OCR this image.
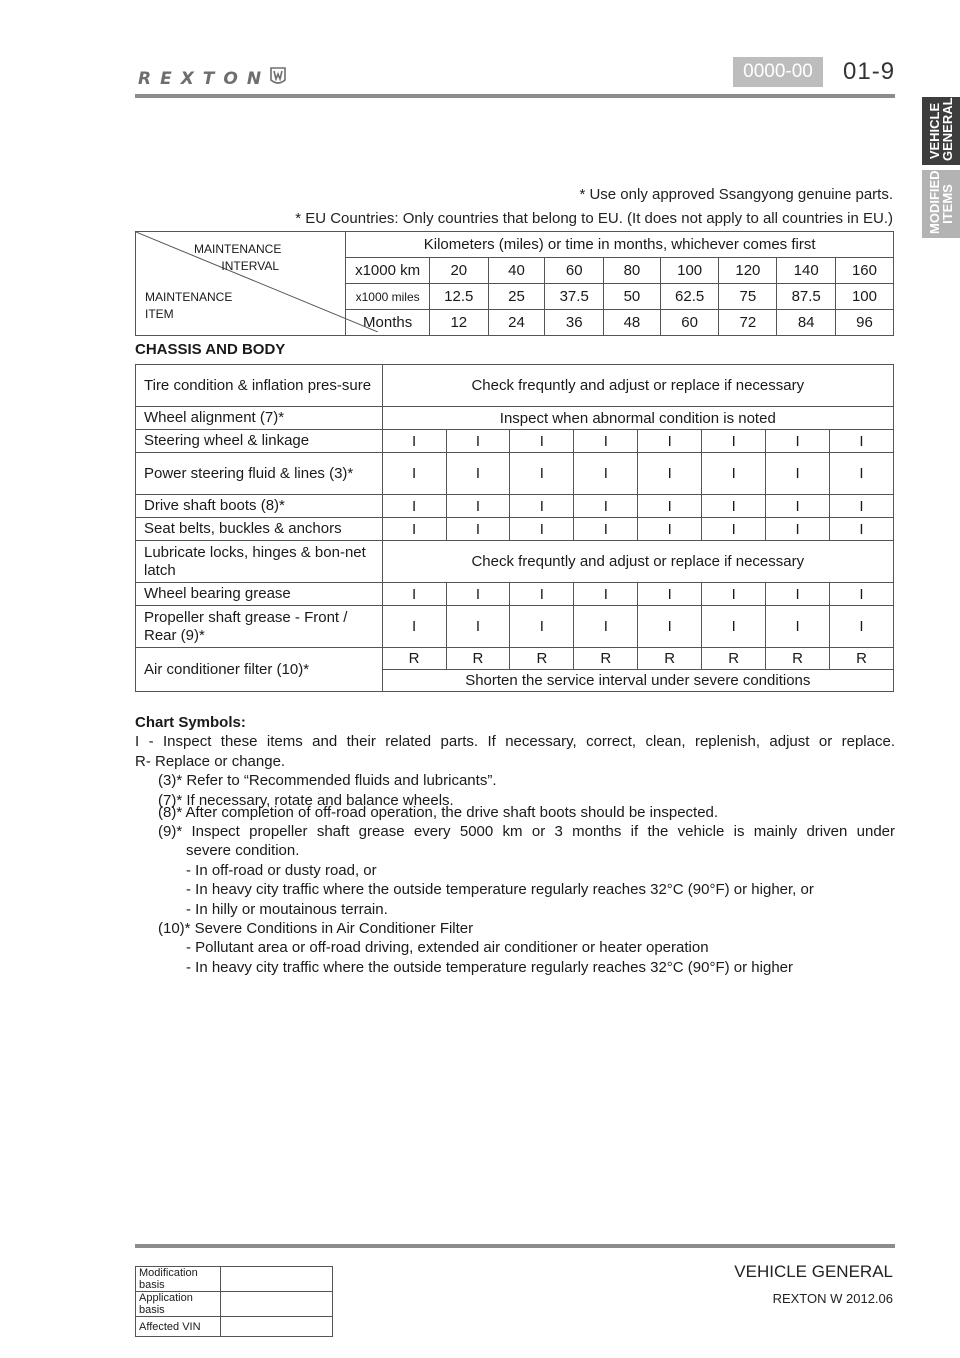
REXTON	0000-00	01-9
VEHICLE GENERAL
MODIFIED ITEMS
* Use only approved Ssangyong genuine parts.
* EU Countries: Only countries that belong to EU. (It does not apply to all countries in EU.)
MAINTENANCE
INTERVAL
MAINTENANCE
ITEM	Kilometers (miles) or time in months, whichever comes first								
	x1000 km	20	40	60	80	100	120	140	160
	x1000 miles	12.5	25	37.5	50	62.5	75	87.5	100
	Months	12	24	36	48	60	72	84	96
CHASSIS AND BODY
Tire condition & inflation pres-sure	Check frequntly and adjust or replace if necessary							
Wheel alignment (7)*	Inspect when abnormal condition is noted							
Steering wheel & linkage	I	I	I	I	I	I	I	I
Power steering fluid & lines (3)*	I	I	I	I	I	I	I	I
Drive shaft boots (8)*	I	I	I	I	I	I	I	I
Seat belts, buckles & anchors	I	I	I	I	I	I	I	I
Lubricate locks, hinges & bon-net latch	Check frequntly and adjust or replace if necessary							
Wheel bearing grease	I	I	I	I	I	I	I	I
Propeller shaft grease - Front / Rear (9)*	I	I	I	I	I	I	I	I
Air conditioner filter (10)*	R	R	R	R	R	R	R	R
	Shorten the service interval under severe conditions							
Chart Symbols:
I - Inspect these items and their related parts. If necessary, correct, clean, replenish, adjust or replace.
R- Replace or change.
(3)* Refer to “Recommended fluids and lubricants”.
(7)* If necessary, rotate and balance wheels.
(8)* After completion of off-road operation, the drive shaft boots should be inspected.
(9)* Inspect propeller shaft grease every 5000 km or 3 months if the vehicle is mainly driven under
severe condition.
- In off-road or dusty road, or
- In heavy city traffic where the outside temperature regularly reaches 32°C (90°F) or higher, or
- In hilly or moutainous terrain.
(10)* Severe Conditions in Air Conditioner Filter
- Pollutant area or off-road driving, extended air conditioner or heater operation
- In heavy city traffic where the outside temperature regularly reaches 32°C (90°F) or higher
Modification basis	
Application basis	
Affected VIN	
VEHICLE GENERAL
REXTON W 2012.06
